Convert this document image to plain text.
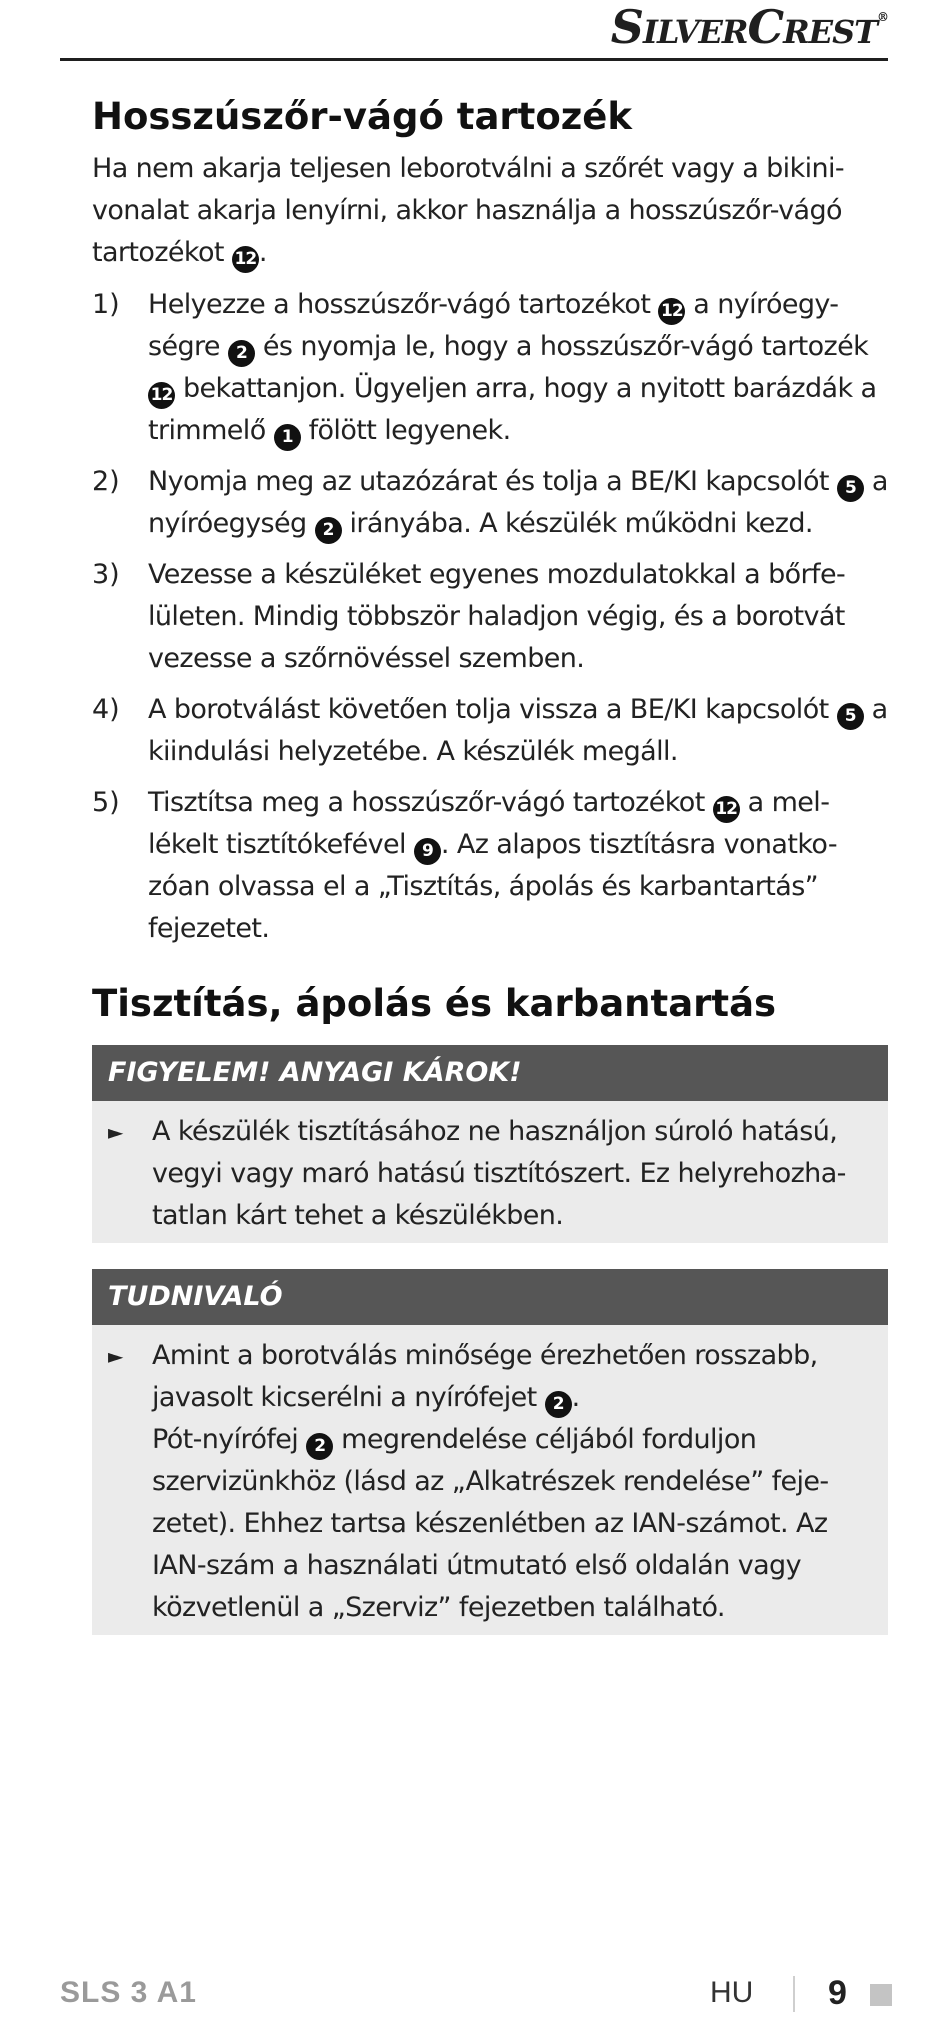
SilverCrest®
Hosszúszőr-vágó tartozék
Ha nem akarja teljesen leborotválni a szőrét vagy a bikini-vonalat akarja lenyírni, akkor használja a hosszúszőr-vágó tartozékot 12.
1)	Helyezze a hosszúszőr-vágó tartozékot 12 a nyíróegy-ségre 2 és nyomja le, hogy a hosszúszőr-vágó tartozék 12 bekattanjon. Ügyeljen arra, hogy a nyitott barázdák a trimmelő 1 fölött legyenek.
2)	Nyomja meg az utazózárat és tolja a BE/KI kapcsolót 5 a nyíróegység 2 irányába. A készülék működni kezd.
3)	Vezesse a készüléket egyenes mozdulatokkal a bőrfe-lületen. Mindig többször haladjon végig, és a borotvát vezesse a szőrnövéssel szemben.
4)	A borotválást követően tolja vissza a BE/KI kapcsolót 5 a kiindulási helyzetébe. A készülék megáll.
5)	Tisztítsa meg a hosszúszőr-vágó tartozékot 12 a mel-lékelt tisztítókefével 9 . Az alapos tisztításra vonatko-zóan olvassa el a „Tisztítás, ápolás és karbantartás” fejezetet.
Tisztítás, ápolás és karbantartás
FIGYELEM! ANYAGI KÁROK!
►	A készülék tisztításához ne használjon súroló hatású, vegyi vagy maró hatású tisztítószert. Ez helyrehozha-tatlan kárt tehet a készülékben.
TUDNIVALÓ
►	Amint a borotválás minősége érezhetően rosszabb, javasolt kicserélni a nyírófejet 2 .
Pót-nyírófej 2 megrendelése céljából forduljon szervizünkhöz (lásd az „Alkatrészek rendelése” feje-zetet). Ehhez tartsa készenlétben az IAN-számot. Az IAN-szám a használati útmutató első oldalán vagy közvetlenül a „Szerviz” fejezetben található.
SLS 3 A1	HU 9
